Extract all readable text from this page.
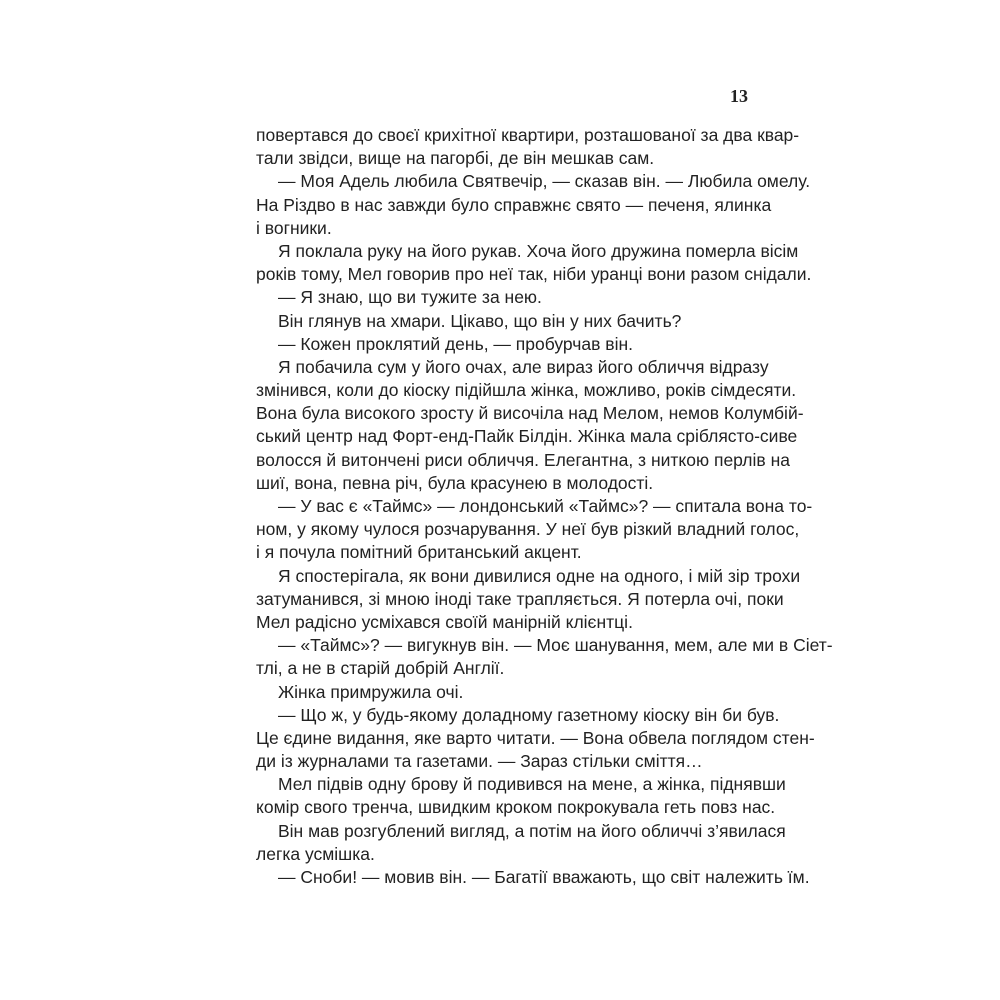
13
повертався до своєї крихітної квартири, розташованої за два квар-
тали звідси, вище на пагорбі, де він мешкав сам.
— Моя Адель любила Святвечір, — сказав він. — Любила омелу.
На Різдво в нас завжди було справжнє свято — печеня, ялинка
і вогники.
Я поклала руку на його рукав. Хоча його дружина померла вісім
років тому, Мел говорив про неї так, ніби уранці вони разом снідали.
— Я знаю, що ви тужите за нею.
Він глянув на хмари. Цікаво, що він у них бачить?
— Кожен проклятий день, — пробурчав він.
Я побачила сум у його очах, але вираз його обличчя відразу
змінився, коли до кіоску підійшла жінка, можливо, років сімдесяти.
Вона була високого зросту й височіла над Мелом, немов Колумбій-
ський центр над Форт-енд-Пайк Білдін. Жінка мала сріблясто-сиве
волосся й витончені риси обличчя. Елегантна, з ниткою перлів на
шиї, вона, певна річ, була красунею в молодості.
— У вас є «Таймс» — лондонський «Таймс»? — спитала вона то-
ном, у якому чулося розчарування. У неї був різкий владний голос,
і я почула помітний британський акцент.
Я спостерігала, як вони дивилися одне на одного, і мій зір трохи
затуманився, зі мною іноді таке трапляється. Я потерла очі, поки
Мел радісно усміхався своїй манірній клієнтці.
— «Таймс»? — вигукнув він. — Моє шанування, мем, але ми в Сіет-
тлі, а не в старій добрій Англії.
Жінка примружила очі.
— Що ж, у будь-якому доладному газетному кіоску він би був.
Це єдине видання, яке варто читати. — Вона обвела поглядом стен-
ди із журналами та газетами. — Зараз стільки сміття…
Мел підвів одну брову й подивився на мене, а жінка, піднявши
комір свого тренча, швидким кроком покрокувала геть повз нас.
Він мав розгублений вигляд, а потім на його обличчі з’явилася
легка усмішка.
— Сноби! — мовив він. — Багатії вважають, що світ належить їм.
